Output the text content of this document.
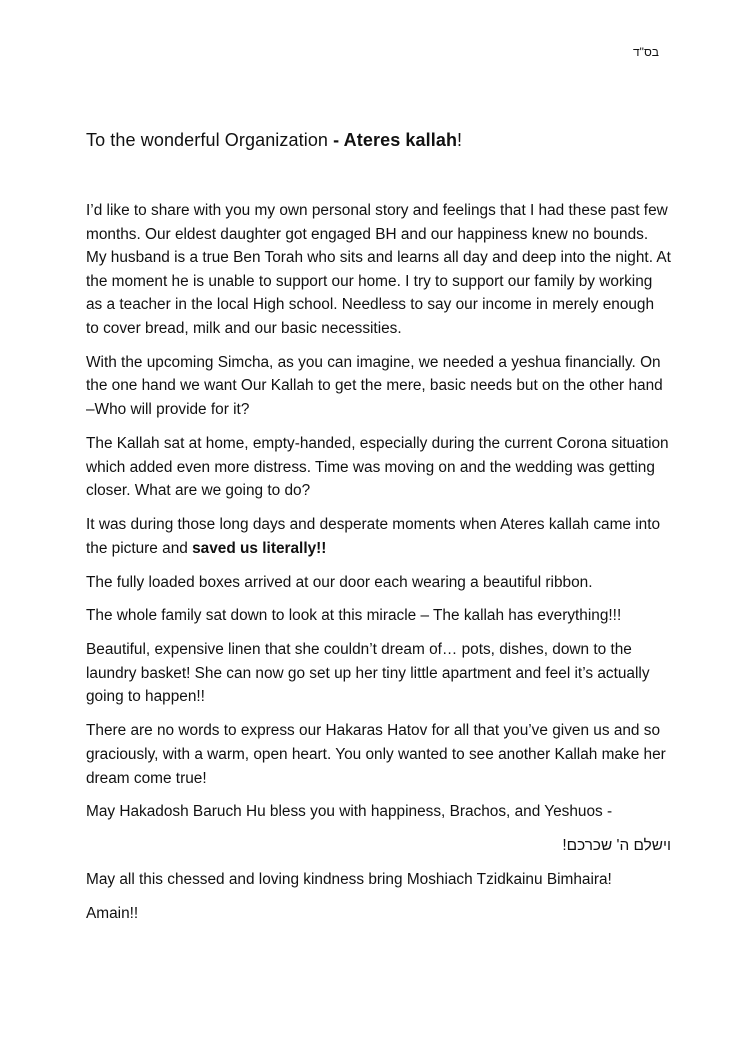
בס"ד
To the wonderful Organization - Ateres kallah!

I’d like to share with you my own personal story and feelings that I had these past few months. Our eldest daughter got engaged BH and our happiness knew no bounds. My husband is a true Ben Torah who sits and learns all day and deep into the night. At the moment he is unable to support our home. I try to support our family by working as a teacher in the local High school. Needless to say our income in merely enough to cover bread, milk and our basic necessities.

With the upcoming Simcha, as you can imagine, we needed a yeshua financially. On the one hand we want Our Kallah to get the mere, basic needs but on the other hand –Who will provide for it?

The Kallah sat at home, empty-handed, especially during the current Corona situation which added even more distress. Time was moving on and the wedding was getting closer. What are we going to do?

It was during those long days and desperate moments when Ateres kallah came into the picture and saved us literally!!

The fully loaded boxes arrived at our door each wearing a beautiful ribbon.

The whole family sat down to look at this miracle – The kallah has everything!!!

Beautiful, expensive linen that she couldn’t dream of… pots, dishes, down to the laundry basket! She can now go set up her tiny little apartment and feel it’s actually going to happen!!

There are no words to express our Hakaras Hatov for all that you’ve given us and so graciously, with a warm, open heart. You only wanted to see another Kallah make her dream come true!

May Hakadosh Baruch Hu bless you with happiness, Brachos, and Yeshuos -

וישלם ה' שכרכם!

May all this chessed and loving kindness bring Moshiach Tzidkainu Bimhaira!

Amain!!
